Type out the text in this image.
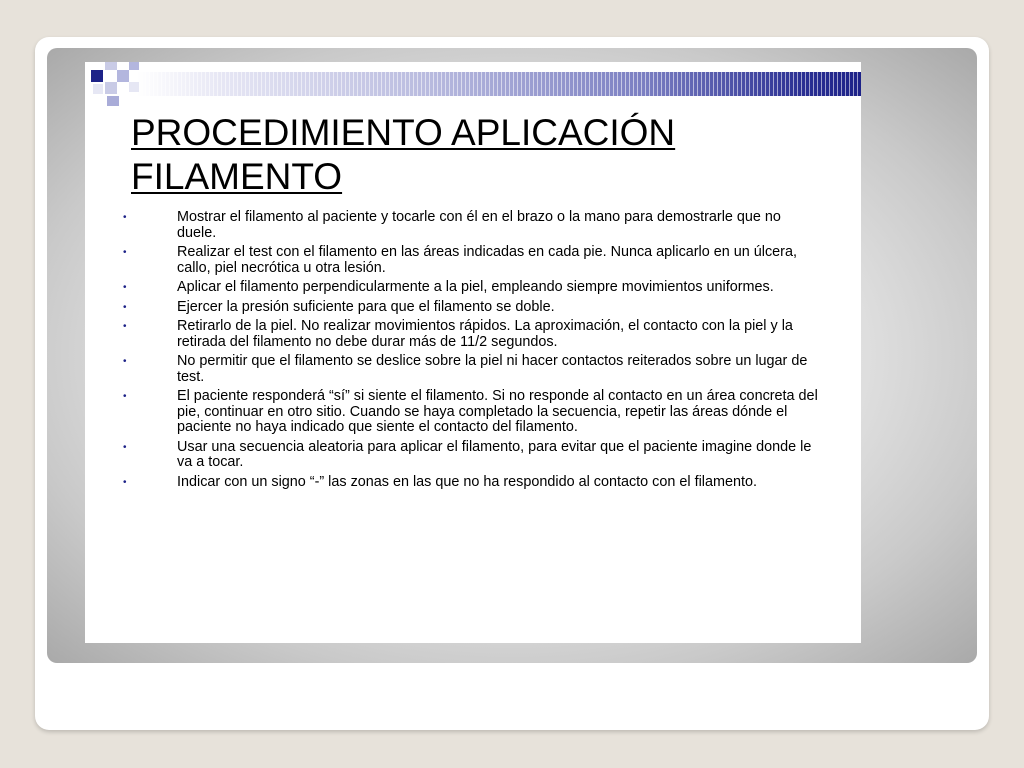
PROCEDIMIENTO APLICACIÓN
FILAMENTO
•	Mostrar el filamento al paciente y tocarle con él en el brazo o la mano para demostrarle que no duele.
•	Realizar el test con el filamento en las áreas indicadas en cada pie. Nunca aplicarlo en un úlcera, callo, piel necrótica u otra lesión.
•	Aplicar el filamento perpendicularmente a la piel, empleando siempre movimientos uniformes.
•	Ejercer la presión suficiente para que el filamento se doble.
•	Retirarlo de la piel. No realizar movimientos rápidos. La aproximación, el contacto con la piel y la retirada del filamento no debe durar más de 11/2 segundos.
•	No permitir que el filamento se deslice sobre la piel ni hacer contactos reiterados sobre un lugar de test.
•	El paciente responderá “sí” si siente el filamento. Si no responde al contacto en un área concreta del pie, continuar en otro sitio. Cuando se haya completado la secuencia, repetir las áreas dónde el paciente no haya indicado que siente el contacto del filamento.
•	Usar una secuencia aleatoria para aplicar el filamento, para evitar que el paciente imagine donde le va a tocar.
•	Indicar con un signo “-” las zonas en las que no ha respondido al contacto con el filamento.
